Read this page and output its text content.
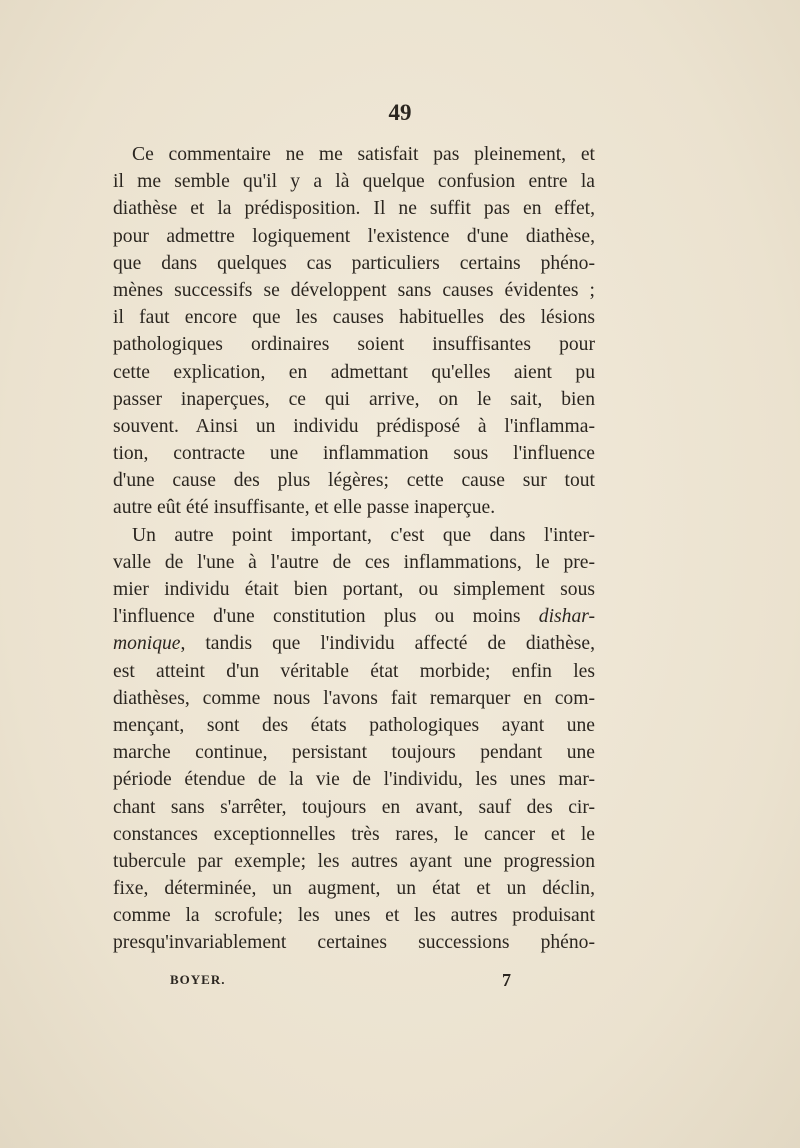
49
Ce commentaire ne me satisfait pas pleinement, et
il me semble qu'il y a là quelque confusion entre la
diathèse et la prédisposition. Il ne suffit pas en effet,
pour admettre logiquement l'existence d'une diathèse,
que dans quelques cas particuliers certains phéno-
mènes successifs se développent sans causes évidentes ;
il faut encore que les causes habituelles des lésions
pathologiques ordinaires soient insuffisantes pour
cette explication, en admettant qu'elles aient pu
passer inaperçues, ce qui arrive, on le sait, bien
souvent. Ainsi un individu prédisposé à l'inflamma-
tion, contracte une inflammation sous l'influence
d'une cause des plus légères; cette cause sur tout
autre eût été insuffisante, et elle passe inaperçue.
Un autre point important, c'est que dans l'inter-
valle de l'une à l'autre de ces inflammations, le pre-
mier individu était bien portant, ou simplement sous
l'influence d'une constitution plus ou moins dishar-
monique, tandis que l'individu affecté de diathèse,
est atteint d'un véritable état morbide; enfin les
diathèses, comme nous l'avons fait remarquer en com-
mençant, sont des états pathologiques ayant une
marche continue, persistant toujours pendant une
période étendue de la vie de l'individu, les unes mar-
chant sans s'arrêter, toujours en avant, sauf des cir-
constances exceptionnelles très rares, le cancer et le
tubercule par exemple; les autres ayant une progression
fixe, déterminée, un augment, un état et un déclin,
comme la scrofule; les unes et les autres produisant
presqu'invariablement certaines successions phéno-
BOYER.	7
